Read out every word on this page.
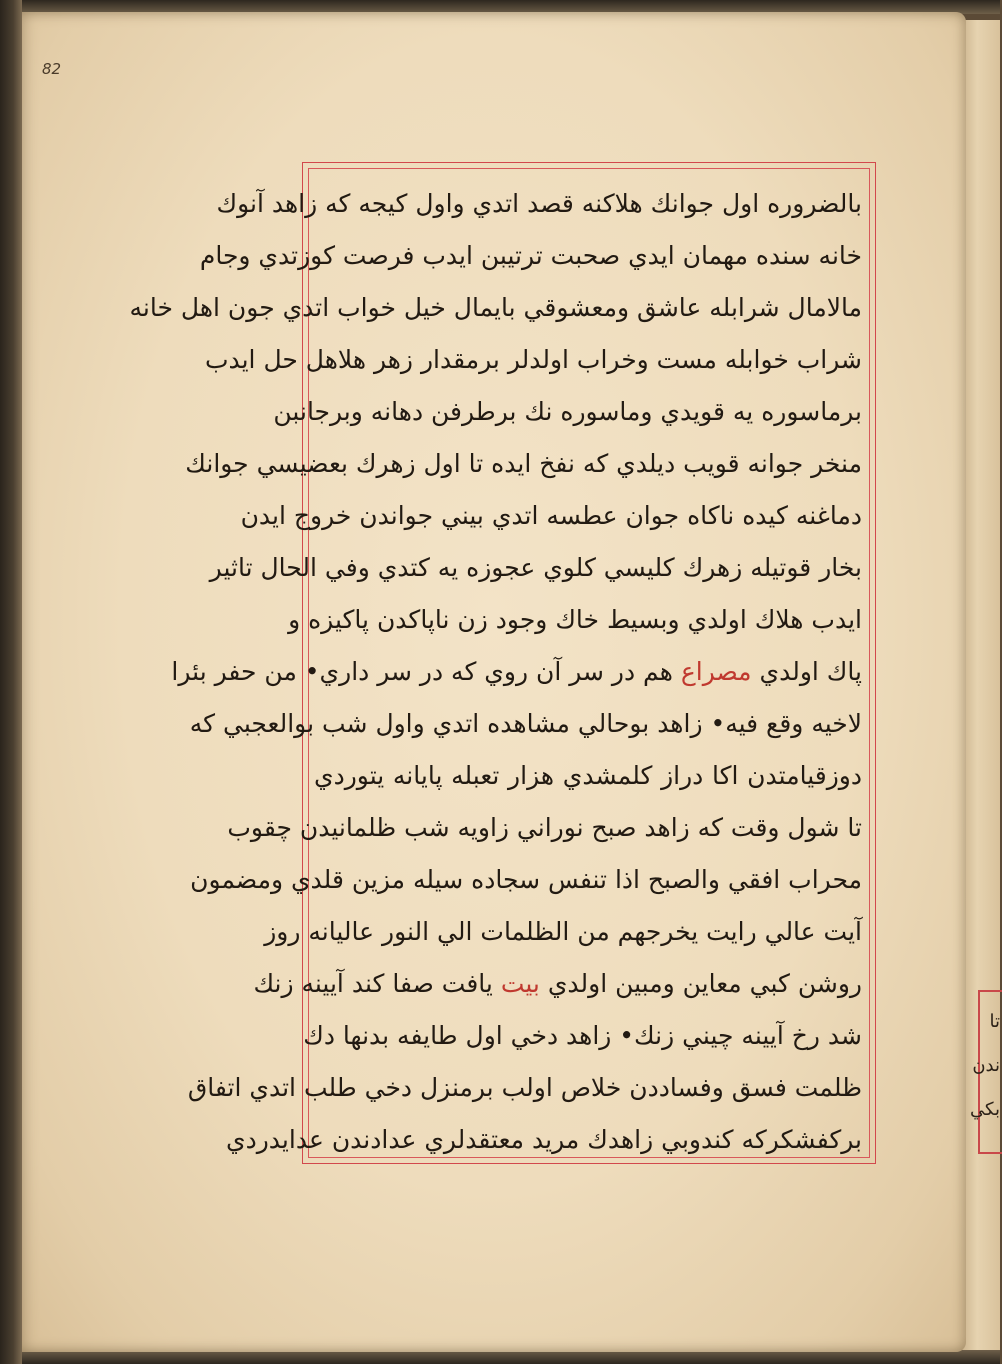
تا
ندن
بكي
82
بالضروره اول جوانك هلاكنه قصد اتدي واول كيجه كه زاهد آنوك
خانه سنده مهمان ايدي صحبت ترتيبن ايدب فرصت كوزتدي وجام
مالامال شرابله عاشق ومعشوقي بايمال خيل خواب اتدي جون اهل خانه
شراب خوابله مست وخراب اولدلر برمقدار زهر هلاهل حل ايدب
برماسوره يه قويدي وماسوره نك برطرفن دهانه وبرجانبن
منخر جوانه قويب ديلدي كه نفخ ايده تا اول زهرك بعضيسي جوانك
دماغنه كيده ناكاه جوان عطسه اتدي بيني جواندن خروج ايدن
بخار قوتيله زهرك كليسي كلوي عجوزه يه كتدي وفي الحال تاثير
ايدب هلاك اولدي وبسيط خاك وجود زن ناپاكدن پاكيزه و
پاك اولدي مصراع هم در سر آن روي كه در سر داري• من حفر بئرا
لاخيه وقع فيه• زاهد بوحالي مشاهده اتدي واول شب بوالعجبي كه
دوزقيامتدن اكا دراز كلمشدي هزار تعبله پايانه يتوردي
تا شول وقت كه زاهد صبح نوراني زاويه شب ظلمانيدن چقوب
محراب افقي والصبح اذا تنفس سجاده سيله مزين قلدي ومضمون
آيت عالي رايت يخرجهم من الظلمات الي النور عاليانه روز
روشن كبي معاين ومبين اولدي بيت يافت صفا كند آيينه زنك
شد رخ آيينه چيني زنك• زاهد دخي اول طايفه بدنها دك
ظلمت فسق وفساددن خلاص اولب برمنزل دخي طلب اتدي اتفاق
بركفشكركه كندوبي زاهدك مريد معتقدلري عدادندن عدايدردي
